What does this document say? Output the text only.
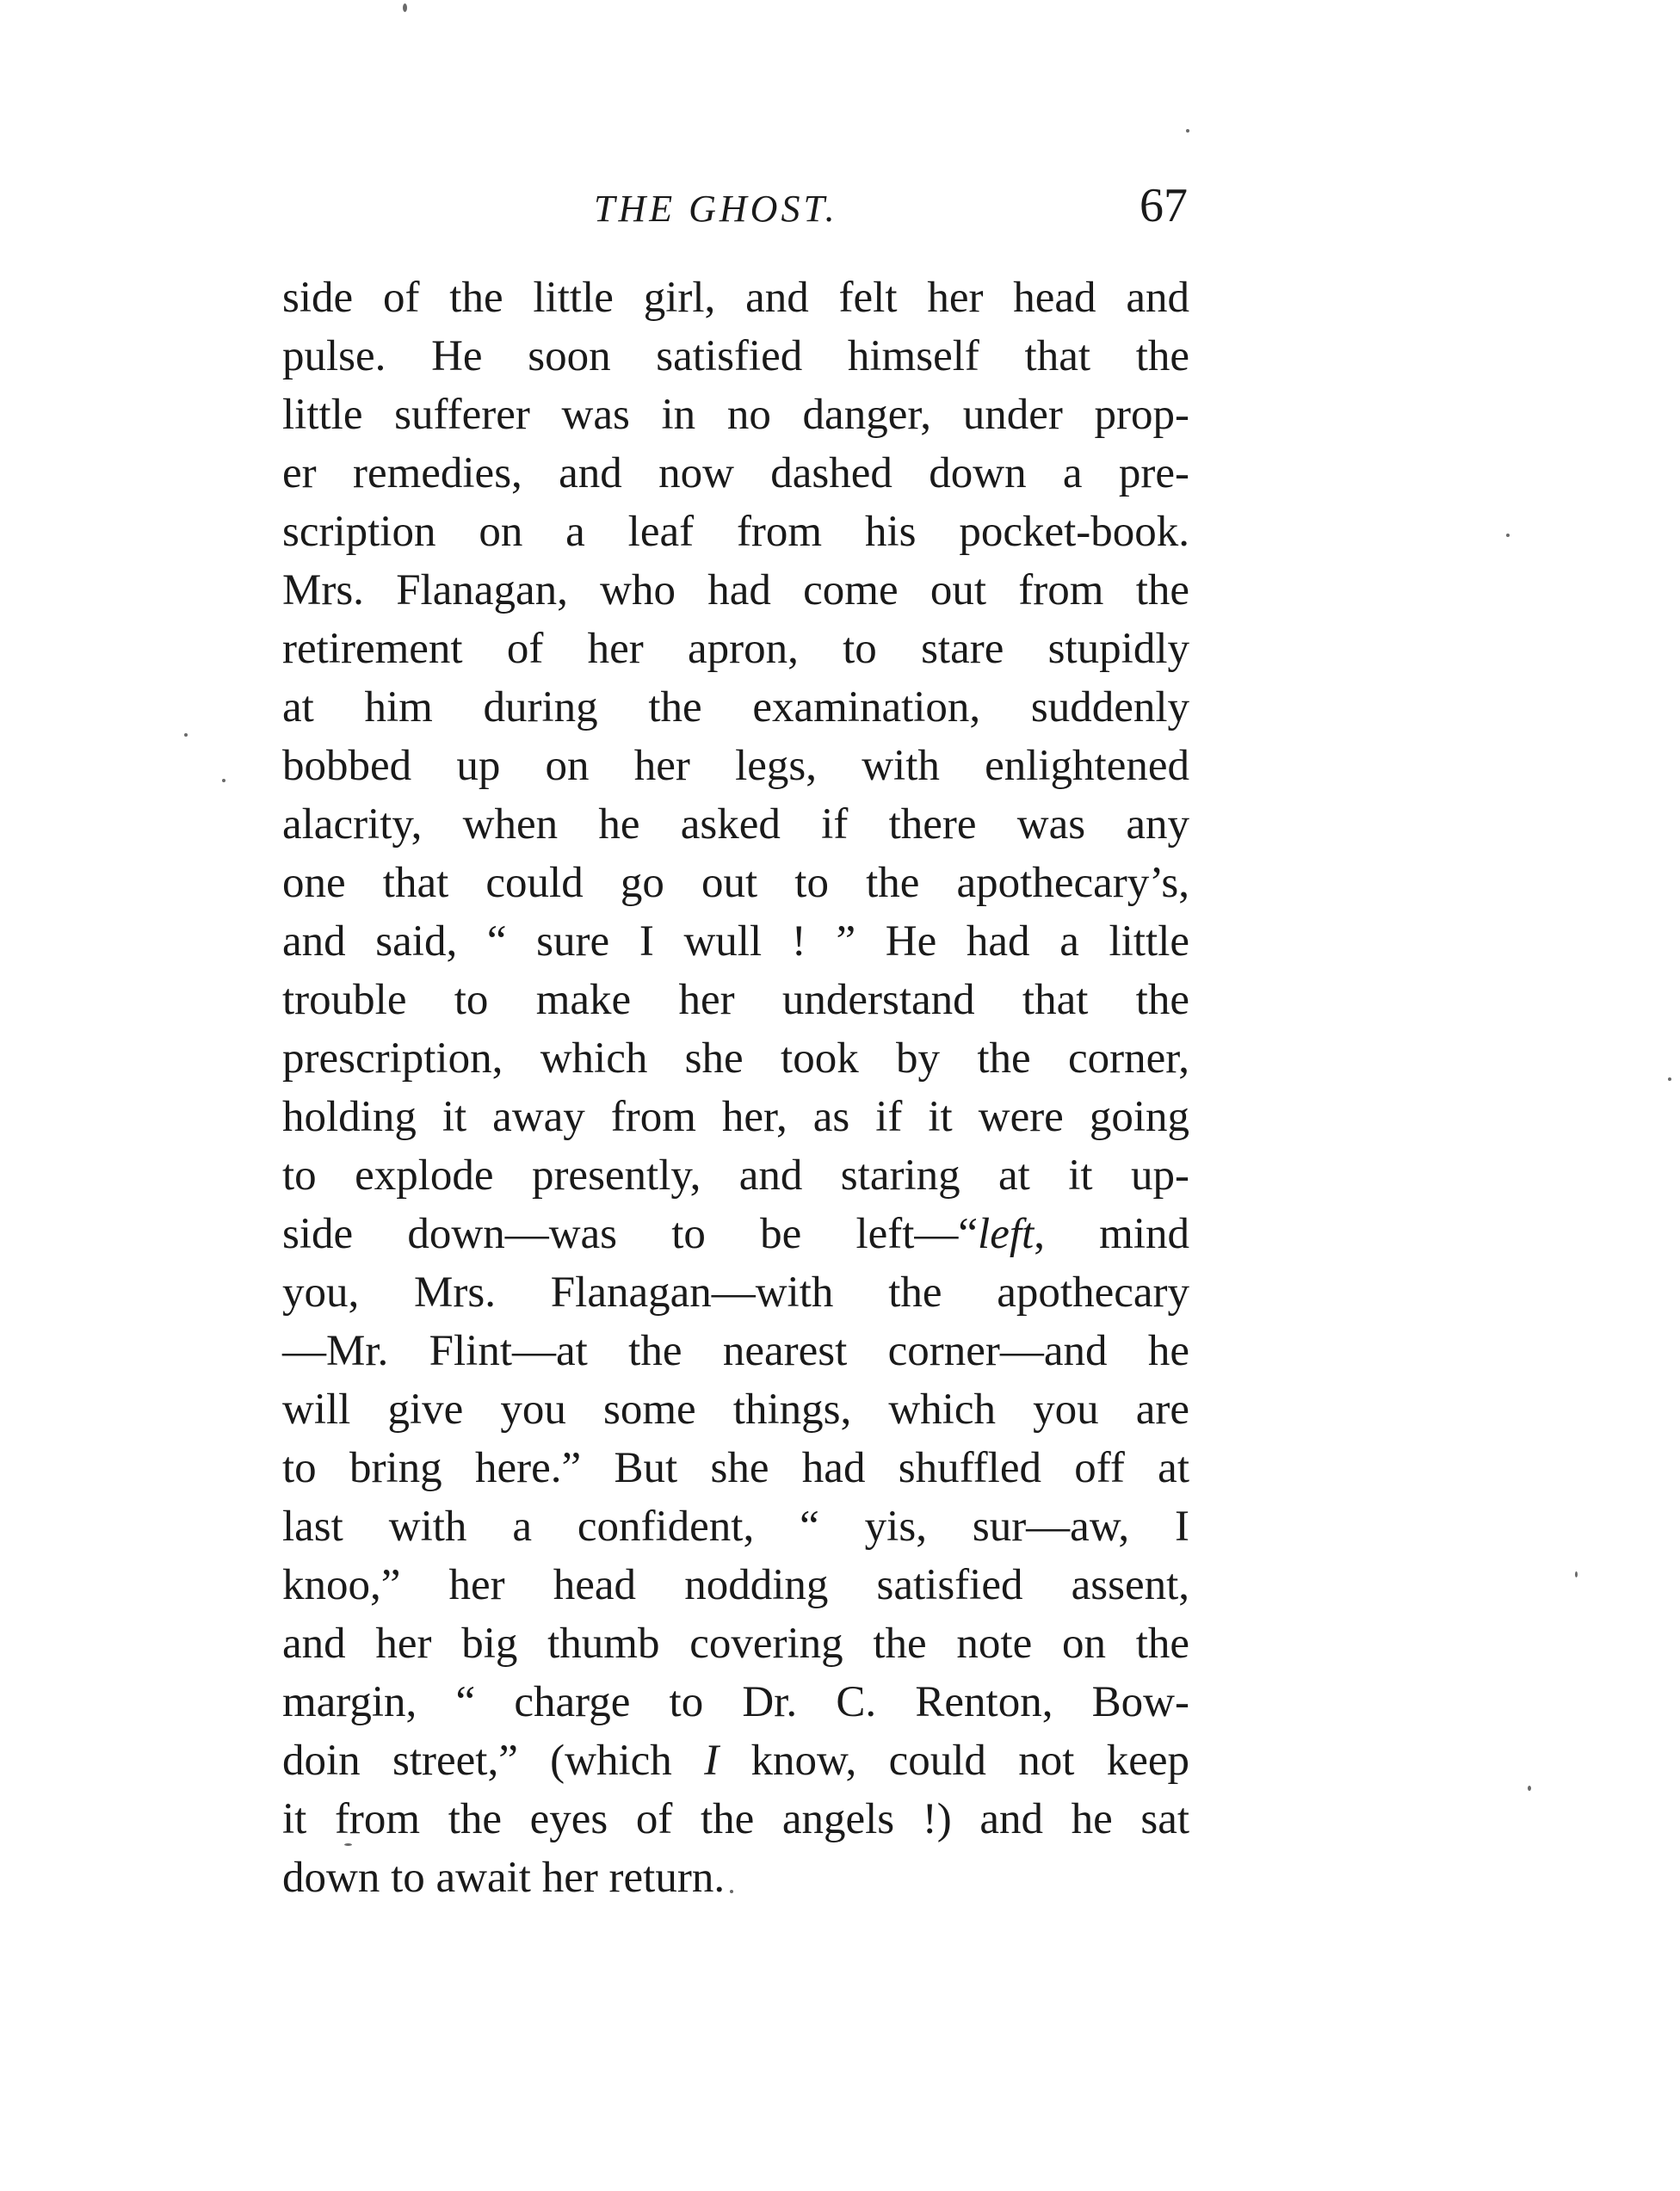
THE GHOST.	67
side of the little girl, and felt her head and
pulse. He soon satisfied himself that the
little sufferer was in no danger, under prop-
er remedies, and now dashed down a pre-
scription on a leaf from his pocket-book.
Mrs. Flanagan, who had come out from the
retirement of her apron, to stare stupidly
at him during the examination, suddenly
bobbed up on her legs, with enlightened
alacrity, when he asked if there was any
one that could go out to the apothecary’s,
and said, “ sure I wull ! ” He had a little
trouble to make her understand that the
prescription, which she took by the corner,
holding it away from her, as if it were going
to explode presently, and staring at it up-
side down—was to be left—“left, mind
you, Mrs. Flanagan—with the apothecary
—Mr. Flint—at the nearest corner—and he
will give you some things, which you are
to bring here.” But she had shuffled off at
last with a confident, “ yis, sur—aw, I
knoo,” her head nodding satisfied assent,
and her big thumb covering the note on the
margin, “ charge to Dr. C. Renton, Bow-
doin street,” (which I know, could not keep
it from the eyes of the angels !) and he sat
down to await her return.
